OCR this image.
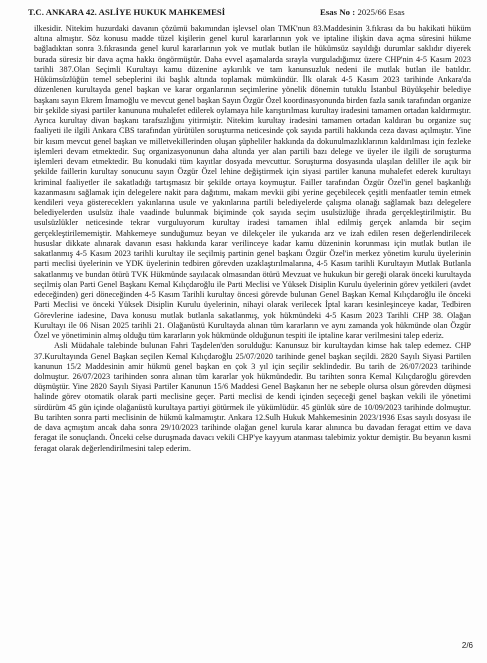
T.C. ANKARA 42. ASLİYE HUKUK MAHKEMESİ	Esas No : 2025/66 Esas

ilkesidir. Nitekim huzurdaki davanın çözümü bakımından işlevsel olan TMK'nun 83.Maddesinin 3.fıkrası da bu hakikati hüküm altına almıştır. Söz konusu madde tüzel kişilerin genel kurul kararlarının yok ve iptaline ilişkin dava açma süresini hükme bağladıktan sonra 3.fıkrasında genel kurul kararlarının yok ve mutlak butlan ile hükümsüz sayıldığı durumlar saklıdır diyerek burada süresiz bir dava açma hakkı öngörmüştür. Daha evvel aşamalarda sırayla vurguladığımız üzere CHP'nin 4-5 Kasım 2023 tarihli 387.Olan Seçimli Kurultayı kamu düzenine aykırılık ve tam kanunsuzluk nedeni ile mutlak butlan ile batıldır. Hükümsüzlüğün temel sebeplerini iki başlık altında toplamak mümkündür. İlk olarak 4-5 Kasım 2023 tarihinde Ankara'da düzenlenen kurultayda genel başkan ve karar organlarının seçimlerine yönelik dönemin tutuklu İstanbul Büyükşehir belediye başkanı sayın Ekrem İmamoğlu ve mevcut genel başkan Sayın Özgür Özel koordinasyonunda birden fazla sanık tarafından organize bir şekilde siyasi partiler kanununa muhalefet edilerek oylamaya hile karıştırılması kurultay iradesini tamamen ortadan kaldırmıştır. Ayrıca kurultay divan başkanı tarafsızlığını yitirmiştir. Nitekim kurultay iradesini tamamen ortadan kaldıran bu organize suç faaliyeti ile ilgili Ankara CBS tarafından yürütülen soruşturma neticesinde çok sayıda partili hakkında ceza davası açılmıştır. Yine bir kısım mevcut genel başkan ve milletvekillerinden oluşan şüpheliler hakkında da dokunulmazlıklarının kaldırılması için fezleke işlemleri devam etmektedir. Suç organizasyonunun daha altında yer alan partili bazı delege ve üyeler ile ilgili de soruşturma işlemleri devam etmektedir. Bu konudaki tüm kayıtlar dosyada mevcuttur. Soruşturma dosyasında ulaşılan deliller ile açık bir şekilde faillerin kurultay sonucunu sayın Özgür Özel lehine değiştirmek için siyasi partiler kanuna muhalefet ederek kurultayı kriminal faaliyetler ile sakatladığı tartışmasız bir şekilde ortaya koymuştur. Failler tarafından Özgür Özel'in genel başkanlığı kazanmasını sağlamak için delegelere nakit para dağıtımı, makam mevkii gibi yerine geçebilecek çeşitli menfaatler temin etmek kendileri veya göstereceklerı yakınlarına usule ve yakınlarına partili belediyelerde çalışma olanağı sağlamak bazı delegelere belediyelerden usulsüz ihale vaadinde bulunmak biçiminde çok sayıda seçim usulsüzlüğe ihrada gerçekleştirilmiştir. Bu usulsüzlükler neticesinde tekrar vurguluyorum kurultay iradesi tamamen ihlal edilmiş gerçek anlamda bir seçim gerçekleştirilememiştir. Mahkemeye sunduğumuz beyan ve dilekçeler ile yukarıda arz ve izah edilen resen değerlendirilecek hususlar dikkate alınarak davanın esası hakkında karar verilinceye kadar kamu düzeninin korunması için mutlak butlan ile sakatlanmış 4-5 Kasım 2023 tarihli kurultay ile seçilmiş partinin genel başkanı Özgür Özel'in merkez yönetim kurulu üyelerinin parti meclisi üyelerinin ve YDK üyelerinin tedbiren görevden uzaklaştırılmalarına, 4-5 Kasım tarihli Kurultayın Mutlak Butlanla sakatlanmış ve bundan ötürü TVK Hükmünde sayılacak olmasından ötürü Mevzuat ve hukukun bir gereği olarak önceki kurultayda seçilmiş olan Parti Genel Başkanı Kemal Kılıçdaroğlu ile Parti Meclisi ve Yüksek Disiplin Kurulu üyelerinin görev yetkileri (avdet edeceğinden) geri döneceğinden 4-5 Kasım Tarihli kurultay öncesi görevde bulunan Genel Başkan Kemal Kılıçdaroğlu ile önceki Parti Meclisi ve önceki Yüksek Disiplin Kurulu üyelerinin, nihayi olarak verilecek İptal kararı kesinleşinceye kadar, Tedbiren Görevlerine iadesine, Dava konusu mutlak butlanla sakatlanmış, yok hükmündeki 4-5 Kasım 2023 Tarihli CHP 38. Olağan Kurultayı ile 06 Nisan 2025 tarihli 21. Olağanüstü Kurultayda alınan tüm kararların ve aynı zamanda yok hükmünde olan Özgür Özel ve yönetiminin almış olduğu tüm kararların yok hükmünde olduğunun tespiti ile iptaline karar verilmesini talep ederiz.

Asli Müdahale talebinde bulunan Fahri Taşdelen'den sorulduğu: Kanunsuz bir kurultaydan kimse hak talep edemez. CHP 37.Kurultayında Genel Başkan seçilen Kemal Kılıçdaroğlu 25/07/2020 tarihinde genel başkan seçildi. 2820 Sayılı Siyasi Partilen kanunun 15/2 Maddesinin amir hükmü genel başkan en çok 3 yıl için seçilir seklindedir. Bu tarih de 26/07/2023 tarihinde dolmuştur. 26/07/2023 tarihinden sonra alınan tüm kararlar yok hükmündedir. Bu tarihten sonra Kemal Kılıçdaroğlu görevden düşmüştür. Yine 2820 Sayılı Siyasi Partiler Kanunun 15/6 Maddesi Genel Başkanın her ne sebeple olursa olsun görevden düşmesi halinde görev otomatik olarak parti meclisine geçer. Parti meclisi de kendi içinden seçeceği genel başkan vekili ile yönetimi sürdürüm 45 gün içinde olağanüstü kurultaya partiyi götürmek ile yükümlüdür. 45 günlük süre de 10/09/2023 tarihinde dolmuştur. Bu tarihten sonra parti meclisinin de hükmü kalmamıştır. Ankara 12.Sulh Hukuk Mahkemesinin 2023/1936 Esas sayılı dosyası ile de dava açmıştım ancak daha sonra 29/10/2023 tarihinde olağan genel kurula karar alınınca bu davadan feragat ettim ve dava feragat ile sonuçlandı. Önceki celse duruşmada davacı vekili CHP'ye kayyum atanması talebimiz yoktur demiştir. Bu beyanın kısmi feragat olarak değerlendirilmesini talep ederim.

2/6
